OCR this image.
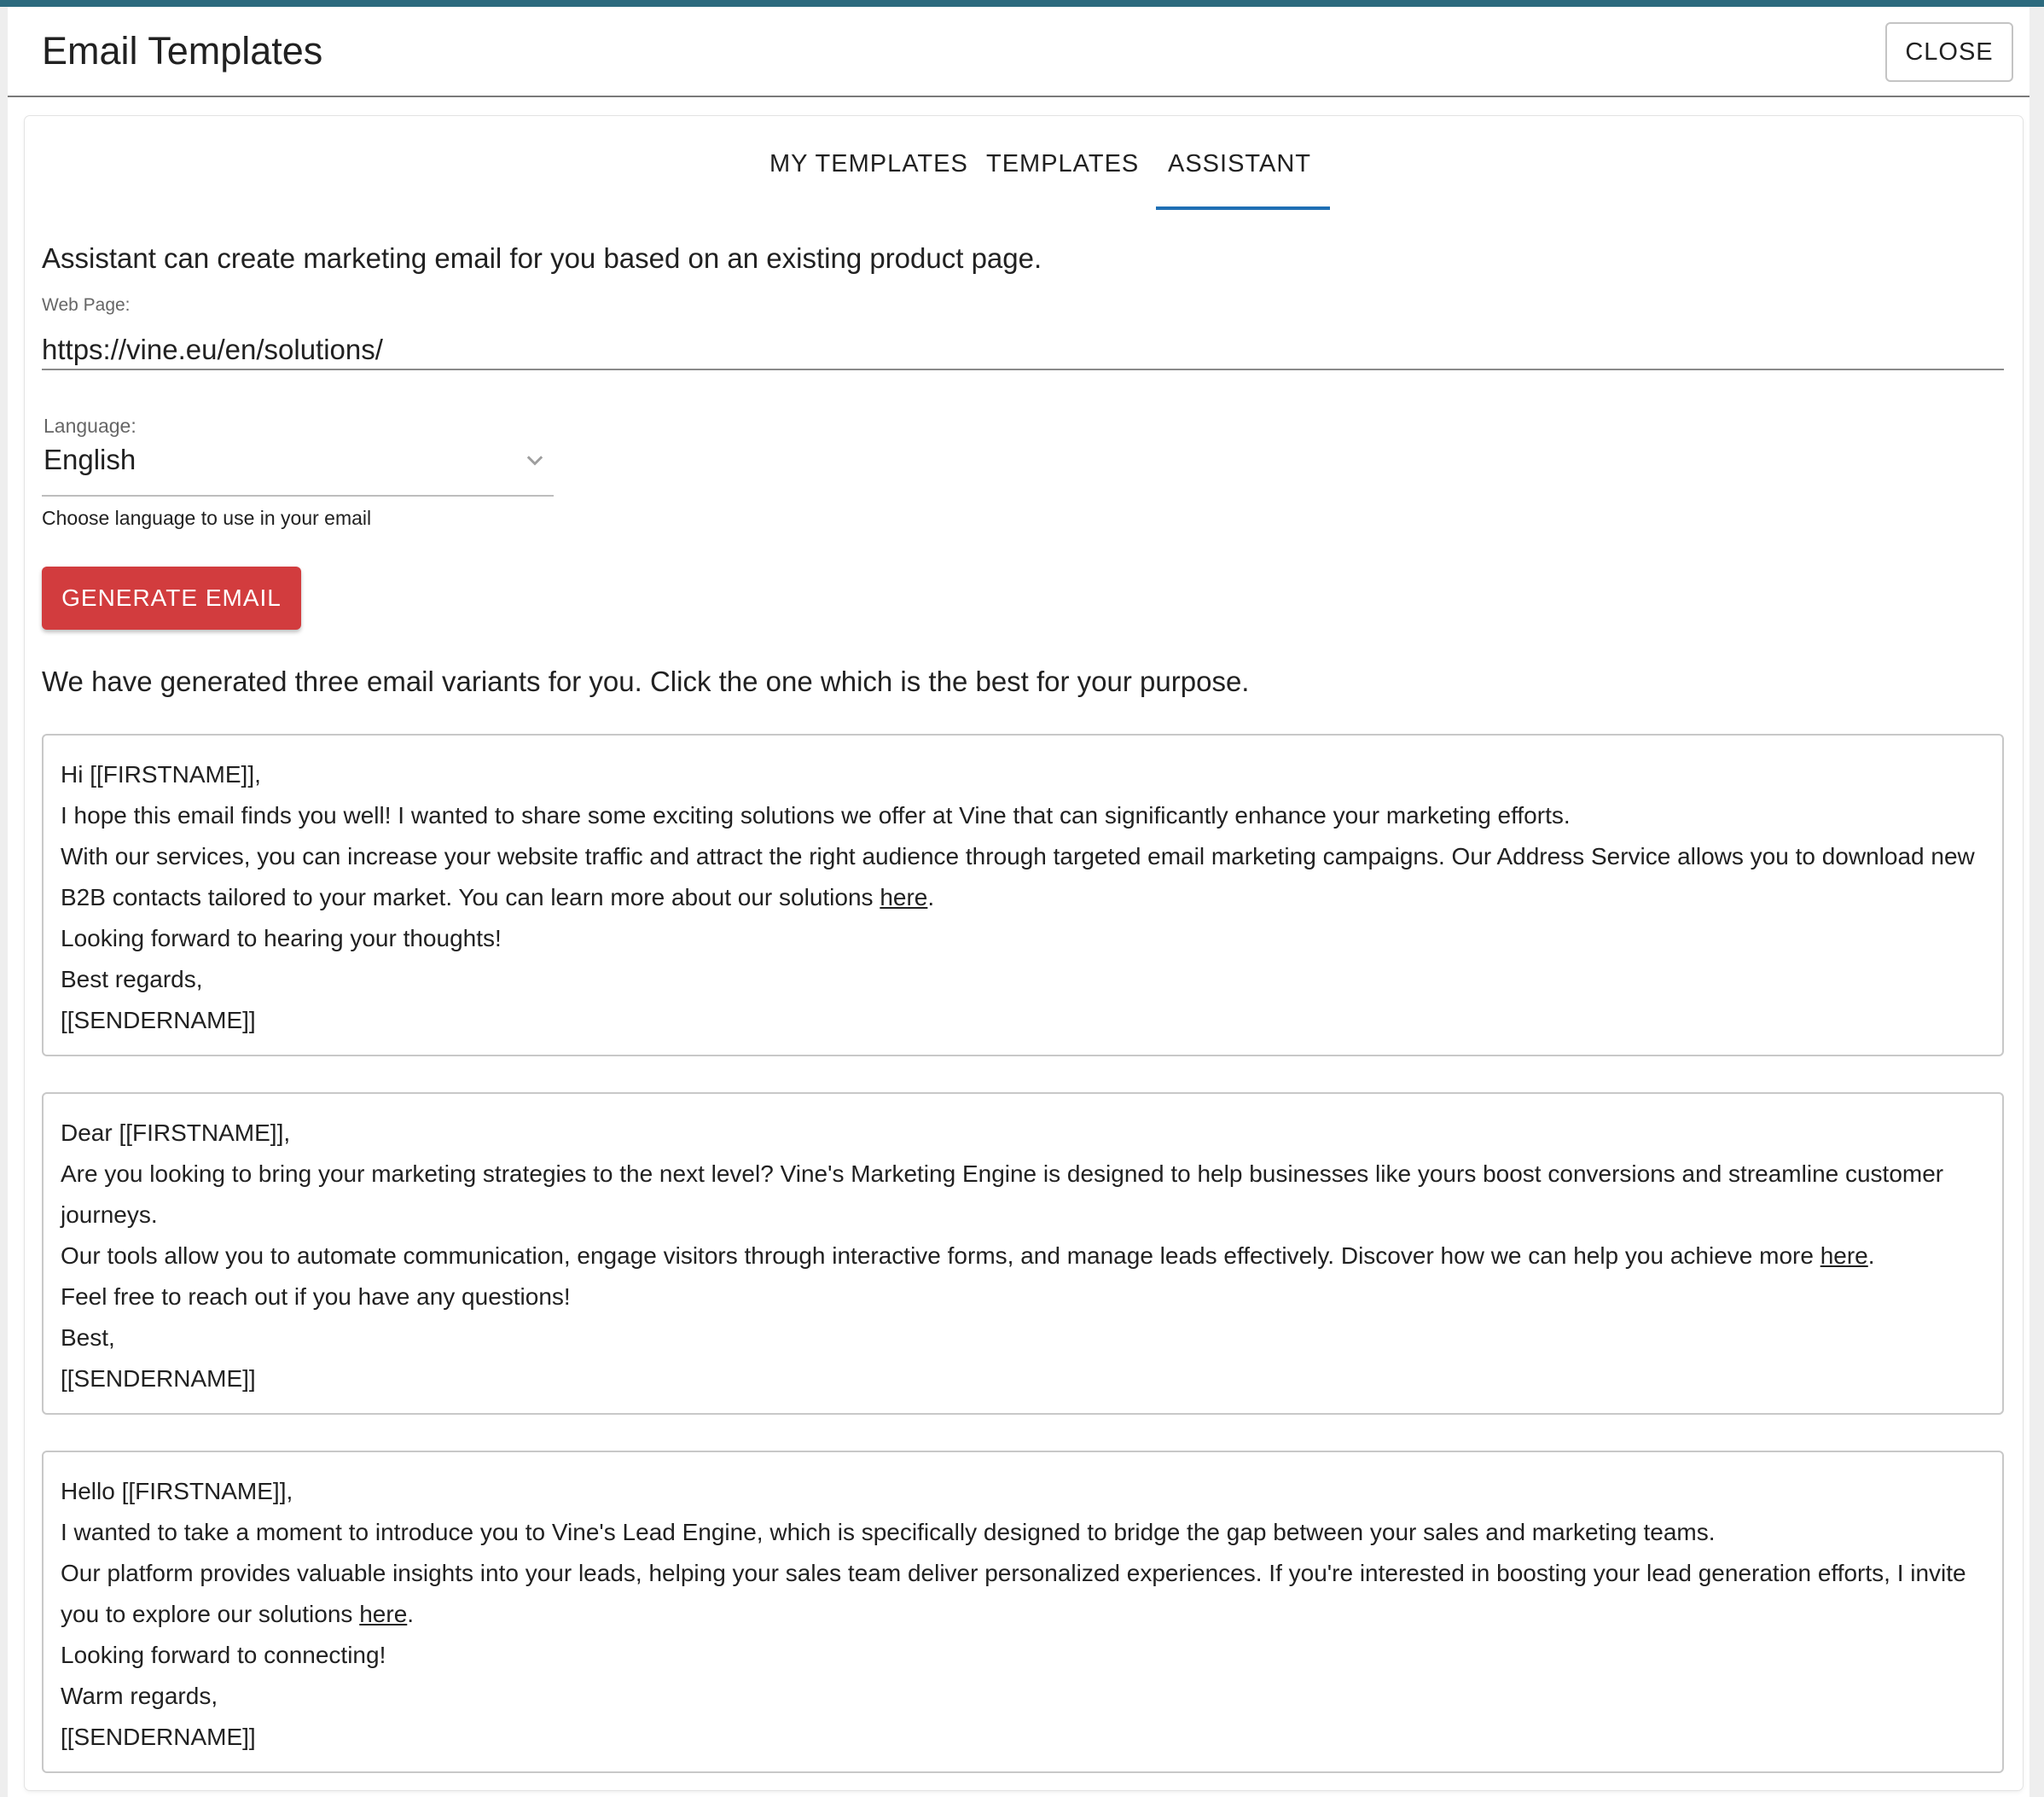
Email Templates	CLOSE
MY TEMPLATES TEMPLATES ASSISTANT
Assistant can create marketing email for you based on an existing product page.
Web Page:
https://vine.eu/en/solutions/
Language:
English
Choose language to use in your email
GENERATE EMAIL
We have generated three email variants for you. Click the one which is the best for your purpose.

Hi [[FIRSTNAME]],

I hope this email finds you well! I wanted to share some exciting solutions we offer at Vine that can significantly enhance your marketing efforts.

With our services, you can increase your website traffic and attract the right audience through targeted email marketing campaigns. Our Address Service allows you to download new B2B contacts tailored to your market. You can learn more about our solutions here.

Looking forward to hearing your thoughts!

Best regards,

[[SENDERNAME]]

Dear [[FIRSTNAME]],

Are you looking to bring your marketing strategies to the next level? Vine's Marketing Engine is designed to help businesses like yours boost conversions and streamline customer journeys.

Our tools allow you to automate communication, engage visitors through interactive forms, and manage leads effectively. Discover how we can help you achieve more here.

Feel free to reach out if you have any questions!

Best,

[[SENDERNAME]]

Hello [[FIRSTNAME]],

I wanted to take a moment to introduce you to Vine's Lead Engine, which is specifically designed to bridge the gap between your sales and marketing teams.

Our platform provides valuable insights into your leads, helping your sales team deliver personalized experiences. If you're interested in boosting your lead generation efforts, I invite you to explore our solutions here.

Looking forward to connecting!

Warm regards,

[[SENDERNAME]]
